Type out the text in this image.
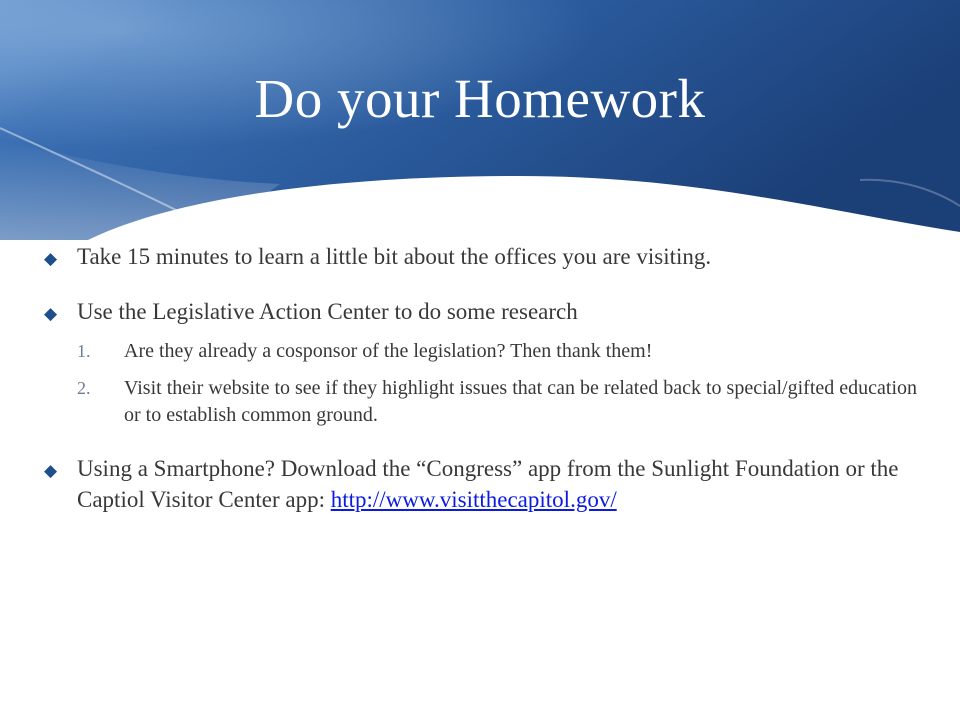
Do your Homework
◆ Take 15 minutes to learn a little bit about the offices you are visiting.
◆ Use the Legislative Action Center to do some research
1.	Are they already a cosponsor of the legislation? Then thank them!
2.	Visit their website to see if they highlight issues that can be related back to special/gifted education or to establish common ground.
◆ Using a Smartphone? Download the “Congress” app from the Sunlight Foundation or the Captiol Visitor Center app: http://www.visitthecapitol.gov/
